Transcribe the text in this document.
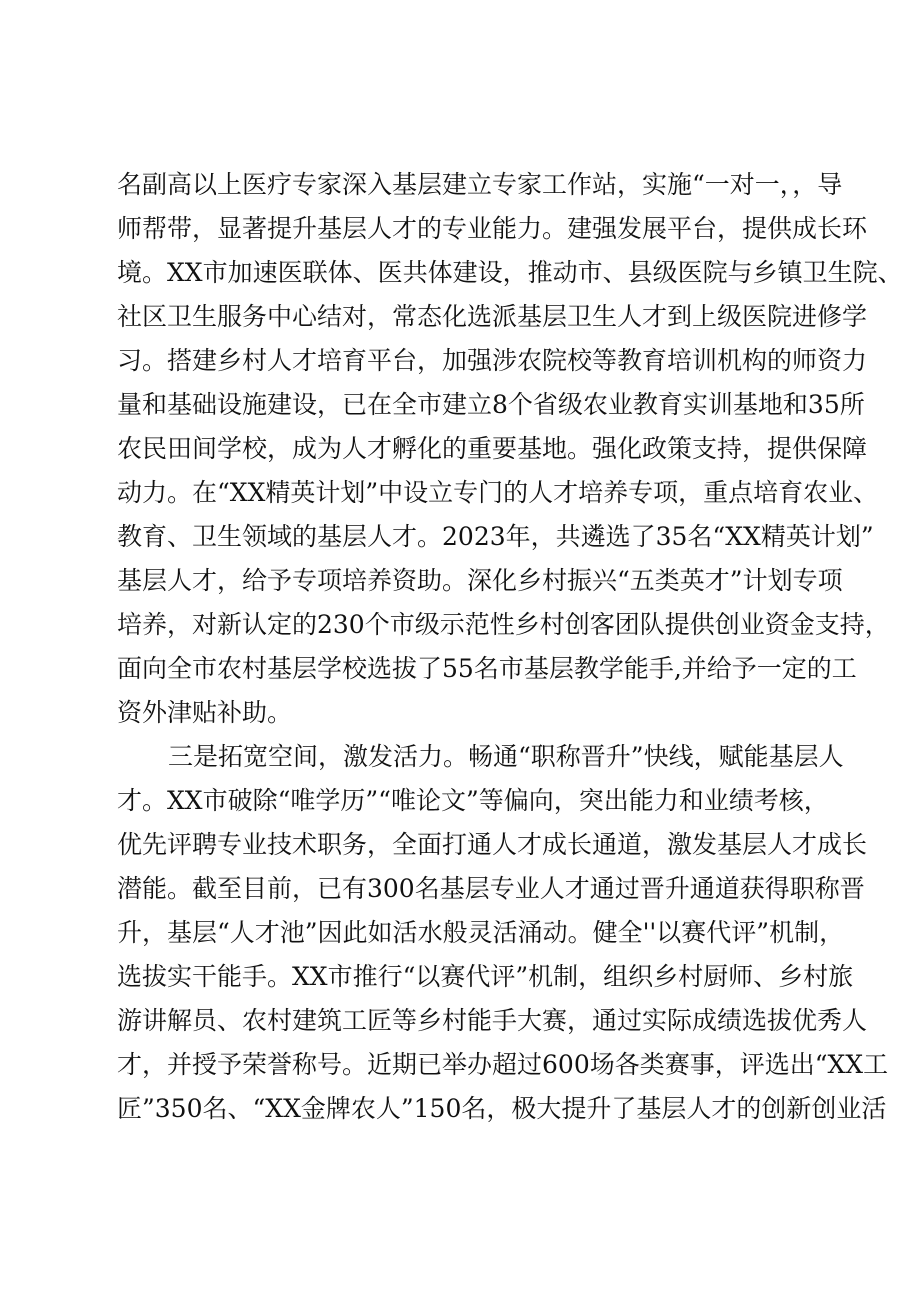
名副高以上医疗专家深入基层建立专家工作站，实施“一对一，，导
师帮带，显著提升基层人才的专业能力。建强发展平台，提供成长环
境。XX市加速医联体、医共体建设，推动市、县级医院与乡镇卫生院、
社区卫生服务中心结对，常态化选派基层卫生人才到上级医院进修学
习。搭建乡村人才培育平台，加强涉农院校等教育培训机构的师资力
量和基础设施建设，已在全市建立8个省级农业教育实训基地和35所
农民田间学校，成为人才孵化的重要基地。强化政策支持，提供保障
动力。在“XX精英计划”中设立专门的人才培养专项，重点培育农业、
教育、卫生领域的基层人才。2023年，共遴选了35名“XX精英计划”
基层人才，给予专项培养资助。深化乡村振兴“五类英才”计划专项
培养，对新认定的230个市级示范性乡村创客团队提供创业资金支持，
面向全市农村基层学校选拔了55名市基层教学能手,并给予一定的工
资外津贴补助。
三是拓宽空间，激发活力。畅通“职称晋升”快线，赋能基层人
才。XX市破除“唯学历”“唯论文”等偏向，突出能力和业绩考核，
优先评聘专业技术职务，全面打通人才成长通道，激发基层人才成长
潜能。截至目前，已有300名基层专业人才通过晋升通道获得职称晋
升，基层“人才池”因此如活水般灵活涌动。健全''以赛代评”机制，
选拔实干能手。XX市推行“以赛代评”机制，组织乡村厨师、乡村旅
游讲解员、农村建筑工匠等乡村能手大赛，通过实际成绩选拔优秀人
才，并授予荣誉称号。近期已举办超过600场各类赛事，评选出“XX工
匠”350名、“XX金牌农人”150名，极大提升了基层人才的创新创业活
